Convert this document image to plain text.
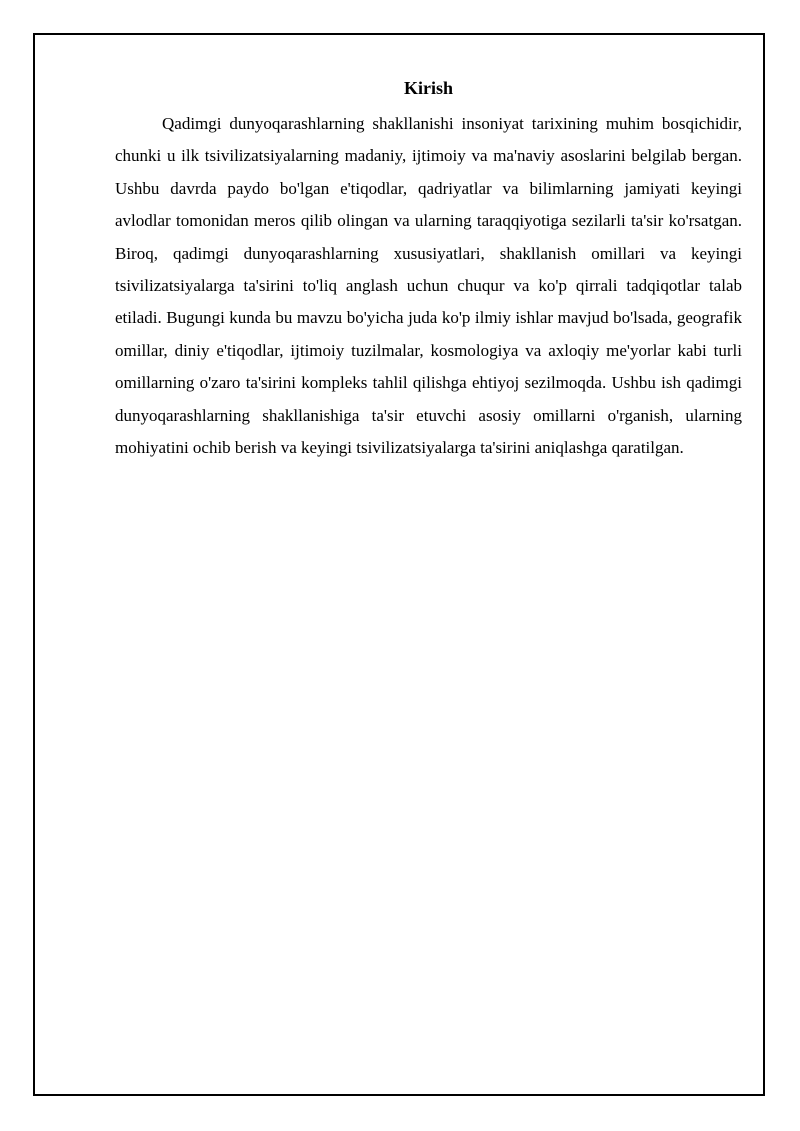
Kirish

Qadimgi dunyoqarashlarning shakllanishi insoniyat tarixining muhim bosqichidir, chunki u ilk tsivilizatsiyalarning madaniy, ijtimoiy va ma'naviy asoslarini belgilab bergan. Ushbu davrda paydo bo'lgan e'tiqodlar, qadriyatlar va bilimlarning jamiyati keyingi avlodlar tomonidan meros qilib olingan va ularning taraqqiyotiga sezilarli ta'sir ko'rsatgan. Biroq, qadimgi dunyoqarashlarning xususiyatlari, shakllanish omillari va keyingi tsivilizatsiyalarga ta'sirini to'liq anglash uchun chuqur va ko'p qirrali tadqiqotlar talab etiladi. Bugungi kunda bu mavzu bo'yicha juda ko'p ilmiy ishlar mavjud bo'lsada, geografik omillar, diniy e'tiqodlar, ijtimoiy tuzilmalar, kosmologiya va axloqiy me'yorlar kabi turli omillarning o'zaro ta'sirini kompleks tahlil qilishga ehtiyoj sezilmoqda. Ushbu ish qadimgi dunyoqarashlarning shakllanishiga ta'sir etuvchi asosiy omillarni o'rganish, ularning mohiyatini ochib berish va keyingi tsivilizatsiyalarga ta'sirini aniqlashga qaratilgan.
